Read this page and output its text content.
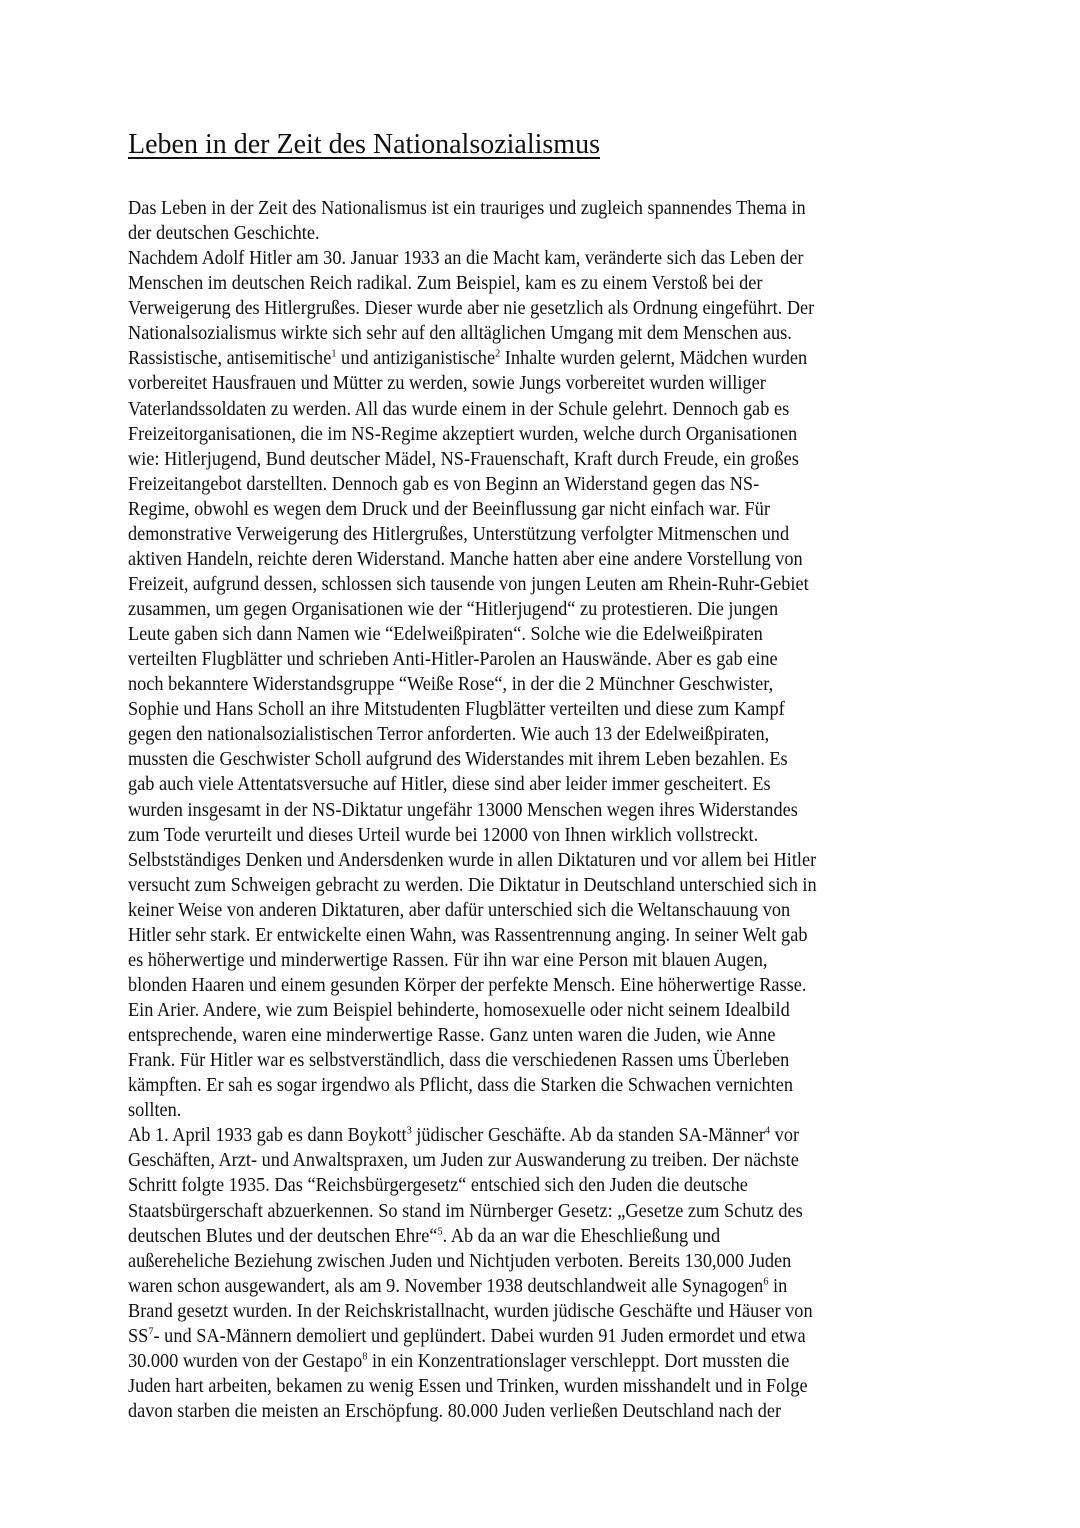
Leben in der Zeit des Nationalsozialismus
Das Leben in der Zeit des Nationalismus ist ein trauriges und zugleich spannendes Thema in
der deutschen Geschichte.
Nachdem Adolf Hitler am 30. Januar 1933 an die Macht kam, veränderte sich das Leben der
Menschen im deutschen Reich radikal. Zum Beispiel, kam es zu einem Verstoß bei der
Verweigerung des Hitlergrußes. Dieser wurde aber nie gesetzlich als Ordnung eingeführt. Der
Nationalsozialismus wirkte sich sehr auf den alltäglichen Umgang mit dem Menschen aus.
Rassistische, antisemitische$^1$ und antiziganistische$^2$ Inhalte wurden gelernt, Mädchen wurden
vorbereitet Hausfrauen und Mütter zu werden, sowie Jungs vorbereitet wurden williger
Vaterlandssoldaten zu werden. All das wurde einem in der Schule gelehrt. Dennoch gab es
Freizeitorganisationen, die im NS-Regime akzeptiert wurden, welche durch Organisationen
wie: Hitlerjugend, Bund deutscher Mädel, NS-Frauenschaft, Kraft durch Freude, ein großes
Freizeitangebot darstellten. Dennoch gab es von Beginn an Widerstand gegen das NS-
Regime, obwohl es wegen dem Druck und der Beeinflussung gar nicht einfach war. Für
demonstrative Verweigerung des Hitlergrußes, Unterstützung verfolgter Mitmenschen und
aktiven Handeln, reichte deren Widerstand. Manche hatten aber eine andere Vorstellung von
Freizeit, aufgrund dessen, schlossen sich tausende von jungen Leuten am Rhein-Ruhr-Gebiet
zusammen, um gegen Organisationen wie der “Hitlerjugend“ zu protestieren. Die jungen
Leute gaben sich dann Namen wie “Edelweißpiraten“. Solche wie die Edelweißpiraten
verteilten Flugblätter und schrieben Anti-Hitler-Parolen an Hauswände. Aber es gab eine
noch bekanntere Widerstandsgruppe “Weiße Rose“, in der die 2 Münchner Geschwister,
Sophie und Hans Scholl an ihre Mitstudenten Flugblätter verteilten und diese zum Kampf
gegen den nationalsozialistischen Terror anforderten. Wie auch 13 der Edelweißpiraten,
mussten die Geschwister Scholl aufgrund des Widerstandes mit ihrem Leben bezahlen. Es
gab auch viele Attentatsversuche auf Hitler, diese sind aber leider immer gescheitert. Es
wurden insgesamt in der NS-Diktatur ungefähr 13000 Menschen wegen ihres Widerstandes
zum Tode verurteilt und dieses Urteil wurde bei 12000 von Ihnen wirklich vollstreckt.
Selbstständiges Denken und Andersdenken wurde in allen Diktaturen und vor allem bei Hitler
versucht zum Schweigen gebracht zu werden. Die Diktatur in Deutschland unterschied sich in
keiner Weise von anderen Diktaturen, aber dafür unterschied sich die Weltanschauung von
Hitler sehr stark. Er entwickelte einen Wahn, was Rassentrennung anging. In seiner Welt gab
es höherwertige und minderwertige Rassen. Für ihn war eine Person mit blauen Augen,
blonden Haaren und einem gesunden Körper der perfekte Mensch. Eine höherwertige Rasse.
Ein Arier. Andere, wie zum Beispiel behinderte, homosexuelle oder nicht seinem Idealbild
entsprechende, waren eine minderwertige Rasse. Ganz unten waren die Juden, wie Anne
Frank. Für Hitler war es selbstverständlich, dass die verschiedenen Rassen ums Überleben
kämpften. Er sah es sogar irgendwo als Pflicht, dass die Starken die Schwachen vernichten
sollten.
Ab 1. April 1933 gab es dann Boykott$^3$ jüdischer Geschäfte. Ab da standen SA-Männer$^4$ vor
Geschäften, Arzt- und Anwaltspraxen, um Juden zur Auswanderung zu treiben. Der nächste
Schritt folgte 1935. Das “Reichsbürgergesetz“ entschied sich den Juden die deutsche
Staatsbürgerschaft abzuerkennen. So stand im Nürnberger Gesetz: „Gesetze zum Schutz des
deutschen Blutes und der deutschen Ehre“$^5$. Ab da an war die Eheschließung und
außereheliche Beziehung zwischen Juden und Nichtjuden verboten. Bereits 130,000 Juden
waren schon ausgewandert, als am 9. November 1938 deutschlandweit alle Synagogen$^6$ in
Brand gesetzt wurden. In der Reichskristallnacht, wurden jüdische Geschäfte und Häuser von
$SS^7-$ und SA-Männern demoliert und geplündert. Dabei wurden 91 Juden ermordet und etwa
30.000 wurden von der Gestapo$^8$ in ein Konzentrationslager verschleppt. Dort mussten die
Juden hart arbeiten, bekamen zu wenig Essen und Trinken, wurden misshandelt und in Folge
davon starben die meisten an Erschöpfung. 80.000 Juden verließen Deutschland nach der
